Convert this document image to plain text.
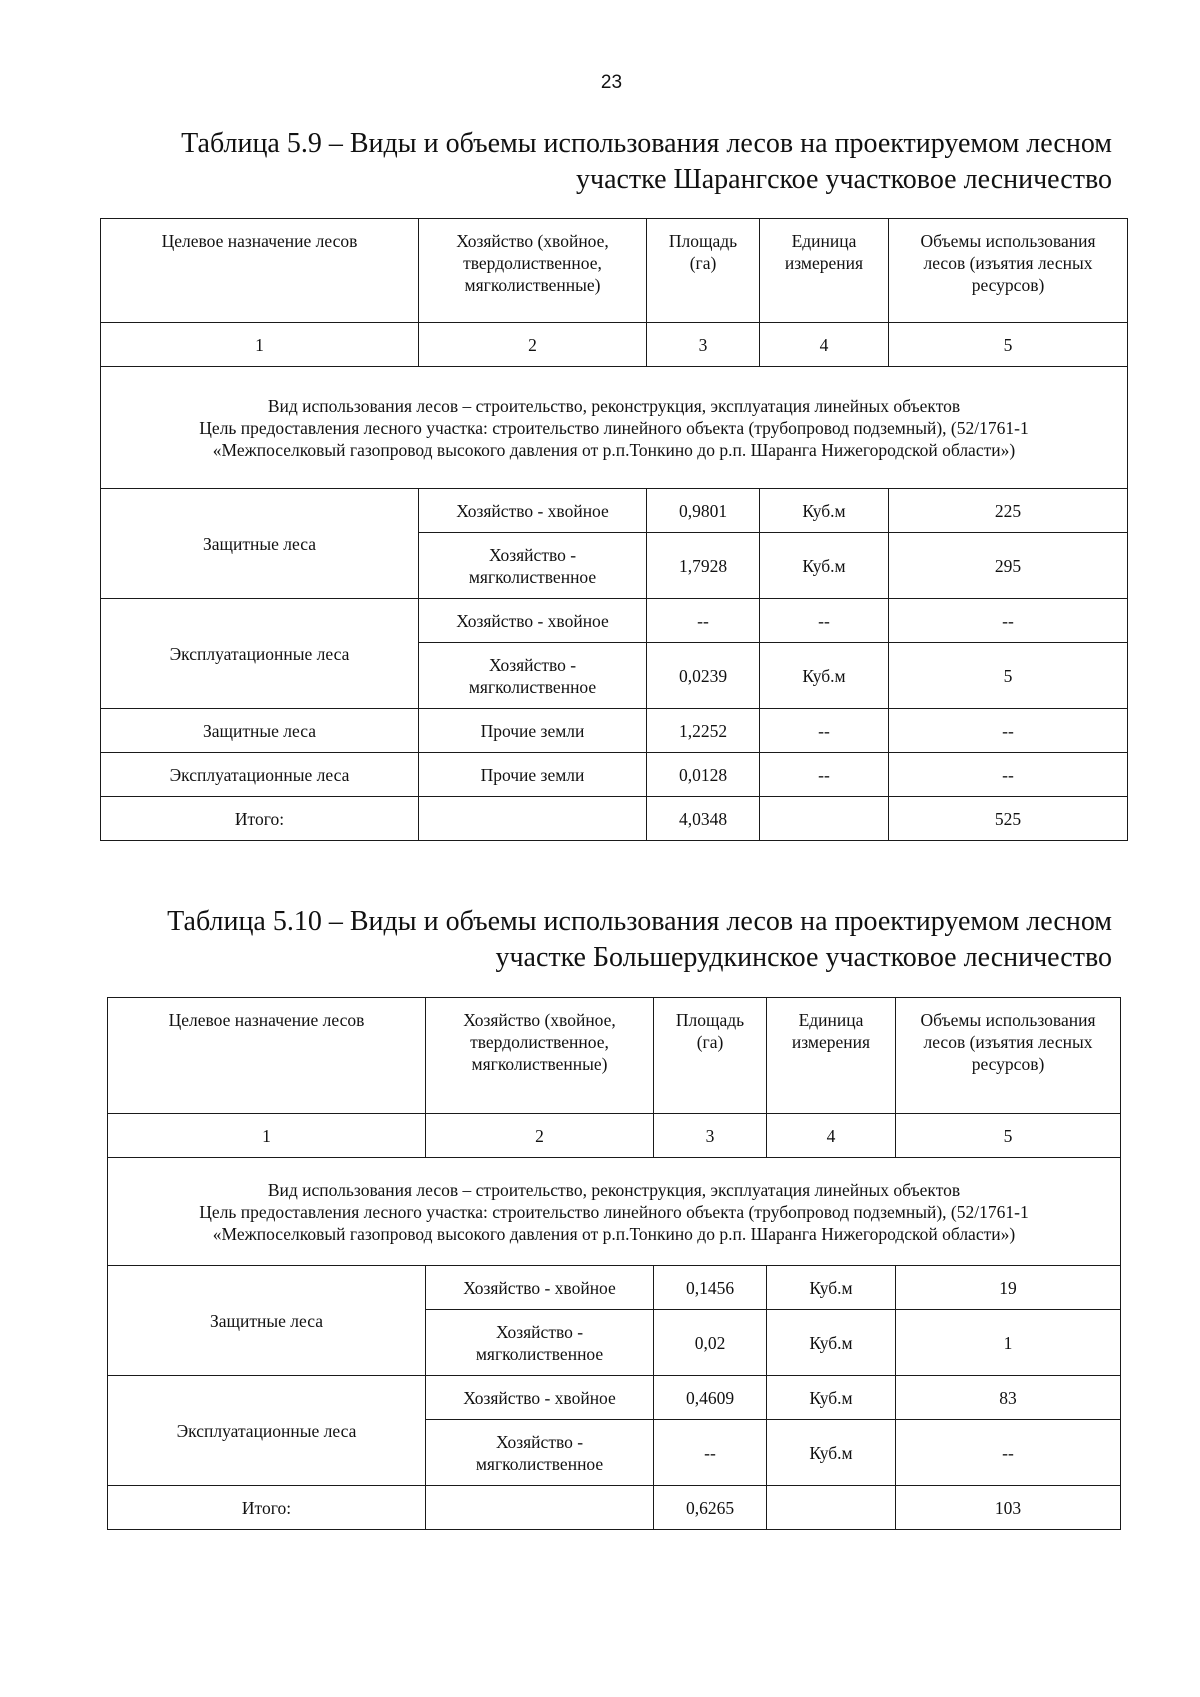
23
Таблица 5.9 – Виды и объемы использования лесов на проектируемом лесном
участке Шарангское участковое лесничество
Целевое назначение лесов	Хозяйство (хвойное,
твердолиственное,
мягколиственные)	Площадь
(га)	Единица
измерения	Объемы использования
лесов (изъятия лесных
ресурсов)

1	2	3	4	5

Вид использования лесов – строительство, реконструкция, эксплуатация линейных объектов
Цель предоставления лесного участка: строительство линейного объекта (трубопровод подземный), (52/1761-1
«Межпоселковый газопровод высокого давления от р.п.Тонкино до р.п. Шаранга Нижегородской области»)				

Защитные леса	Хозяйство - хвойное	0,9801	Куб.м	225

	Хозяйство -
мягколиственное	1,7928	Куб.м	295
Эксплуатационные леса	Хозяйство - хвойное	--	--	--

	Хозяйство -
мягколиственное	0,0239	Куб.м	5
Защитные леса	Прочие земли	1,2252	--	--
Эксплуатационные леса	Прочие земли	0,0128	--	--
Итого:		4,0348		525
Таблица 5.10 – Виды и объемы использования лесов на проектируемом лесном
участке Большерудкинское участковое лесничество
Целевое назначение лесов	Хозяйство (хвойное,
твердолиственное,
мягколиственные)	Площадь
(га)	Единица
измерения	Объемы использования
лесов (изъятия лесных
ресурсов)

1	2	3	4	5

Вид использования лесов – строительство, реконструкция, эксплуатация линейных объектов
Цель предоставления лесного участка: строительство линейного объекта (трубопровод подземный), (52/1761-1
«Межпоселковый газопровод высокого давления от р.п.Тонкино до р.п. Шаранга Нижегородской области»)				

Защитные леса	Хозяйство - хвойное	0,1456	Куб.м	19

	Хозяйство -
мягколиственное	0,02	Куб.м	1
Эксплуатационные леса	Хозяйство - хвойное	0,4609	Куб.м	83

	Хозяйство -
мягколиственное	--	Куб.м	--
Итого:		0,6265		103
